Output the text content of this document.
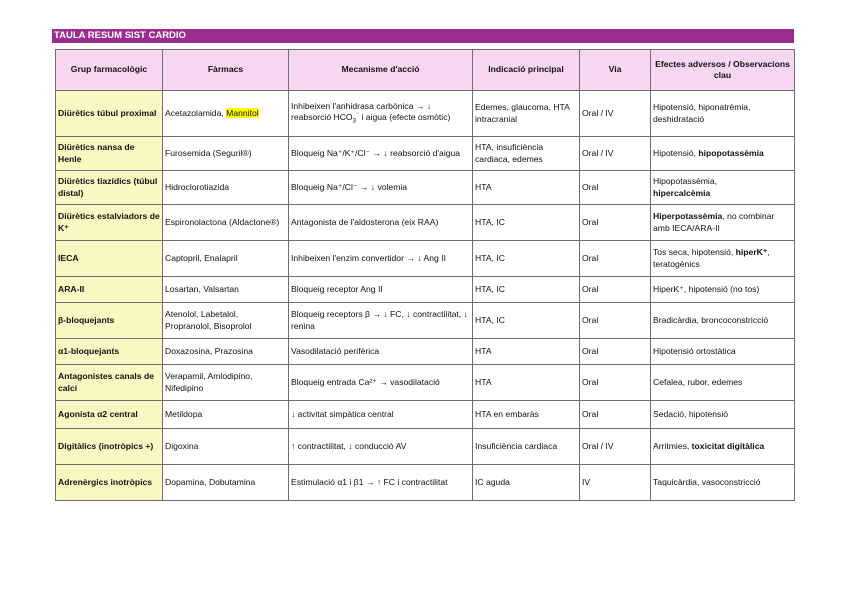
TAULA RESUM SIST CARDIO
Grup farmacològic	Fàrmacs	Mecanisme d'acció	Indicació principal	Via	Efectes adversos / Observacions clau
Diürètics túbul proximal	Acetazolamida, Mannitol	Inhibeixen l'anhidrasa carbònica → ↓ reabsorció $HCO_3^{^-}$ i aigua (efecte osmòtic)	Edemes, glaucoma, HTA intracranial	Oral / IV	Hipotensió, hiponatrèmia, deshidratació
Diürètics nansa de Henle	Furosemida (Seguril®)	Bloqueig Na⁺/K⁺/Cl⁻ → ↓ reabsorció d'aigua	HTA, insuficiència cardiaca, edemes	Oral / IV	Hipotensió, hipopotassèmia
Diürètics tiazídics (túbul distal)	Hidroclorotiazida	Bloqueig Na⁺/Cl⁻ → ↓ volemia	HTA	Oral	Hipopotassèmia,
hipercalcèmia
Diürètics estalviadors de K⁺	Espironolactona (Aldactone®)	Antagonista de l'aldosterona (eix RAA)	HTA, IC	Oral	Hiperpotassèmia, no combinar amb IECA/ARA-II
IECA	Captopril, Enalapril	Inhibeixen l'enzim convertidor → ↓ Ang II	HTA, IC	Oral	Tos seca, hipotensió, hiperK⁺, teratogènics
ARA-II	Losartan, Valsartan	Bloqueig receptor Ang II	HTA, IC	Oral	HiperK⁺, hipotensió (no tos)
β-bloquejants	Atenolol, Labetalol, Propranolol, Bisoprolol	Bloqueig receptors β → ↓ FC, ↓ contractilitat, ↓ renina	HTA, IC	Oral	Bradicàrdia, broncoconstricció
α1-bloquejants	Doxazosina, Prazosina	Vasodilatació perifèrica	HTA	Oral	Hipotensió ortostàtica
Antagonistes canals de calci	Verapamil, Amlodipino, Nifedipino	Bloqueig entrada Ca²⁺ → vasodilatació	HTA	Oral	Cefalea, rubor, edemes
Agonista α2 central	Metildopa	↓ activitat simpàtica central	HTA en embaràs	Oral	Sedació, hipotensió
Digitàlics (inotròpics +)	Digoxina	↑ contractilitat, ↓ conducció AV	Insuficiència cardiaca	Oral / IV	Arritmies, toxicitat digitàlica
Adrenèrgics inotròpics	Dopamina, Dobutamina	Estimulació α1 i β1 → ↑ FC i contractilitat	IC aguda	IV	Taquicàrdia, vasoconstricció
